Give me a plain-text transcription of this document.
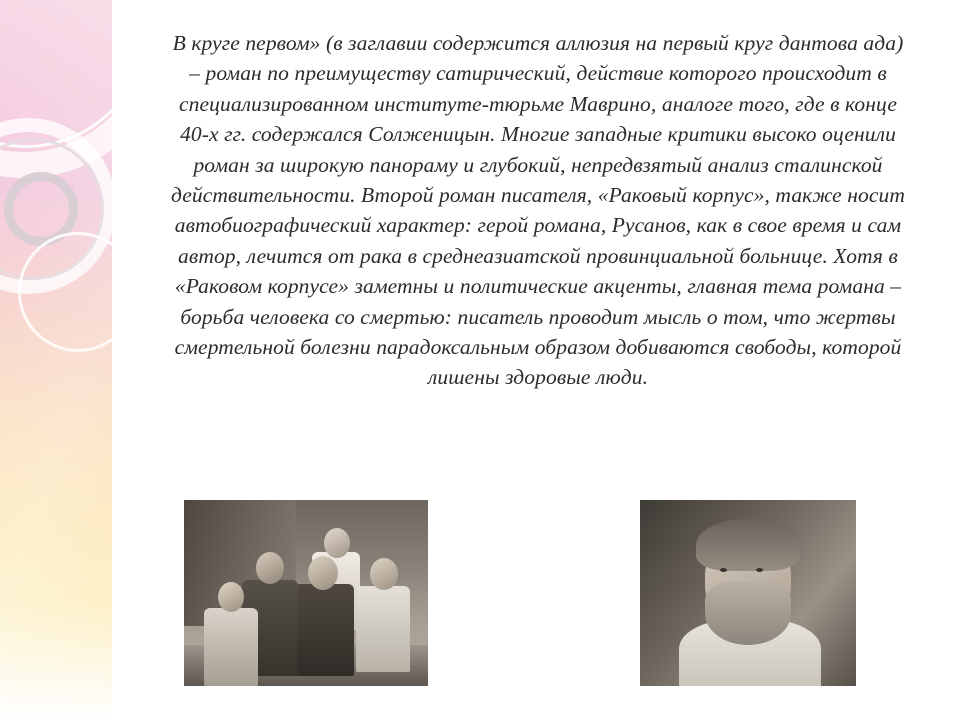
В круге первом» (в заглавии содержится аллюзия на первый круг дантова ада) – роман по преимуществу сатирический, действие которого происходит в специализированном институте-тюрьме Маврино, аналоге того, где в конце 40-х гг. содержался Солженицын. Многие западные критики высоко оценили роман за широкую панораму и глубокий, непредвзятый анализ сталинской действительности. Второй роман писателя, «Раковый корпус», также носит автобиографический характер: герой романа, Русанов, как в свое время и сам автор, лечится от рака в среднеазиатской провинциальной больнице. Хотя в «Раковом корпусе» заметны и политические акценты, главная тема романа – борьба человека со смертью: писатель проводит мысль о том, что жертвы смертельной болезни парадоксальным образом добиваются свободы, которой лишены здоровые люди.
